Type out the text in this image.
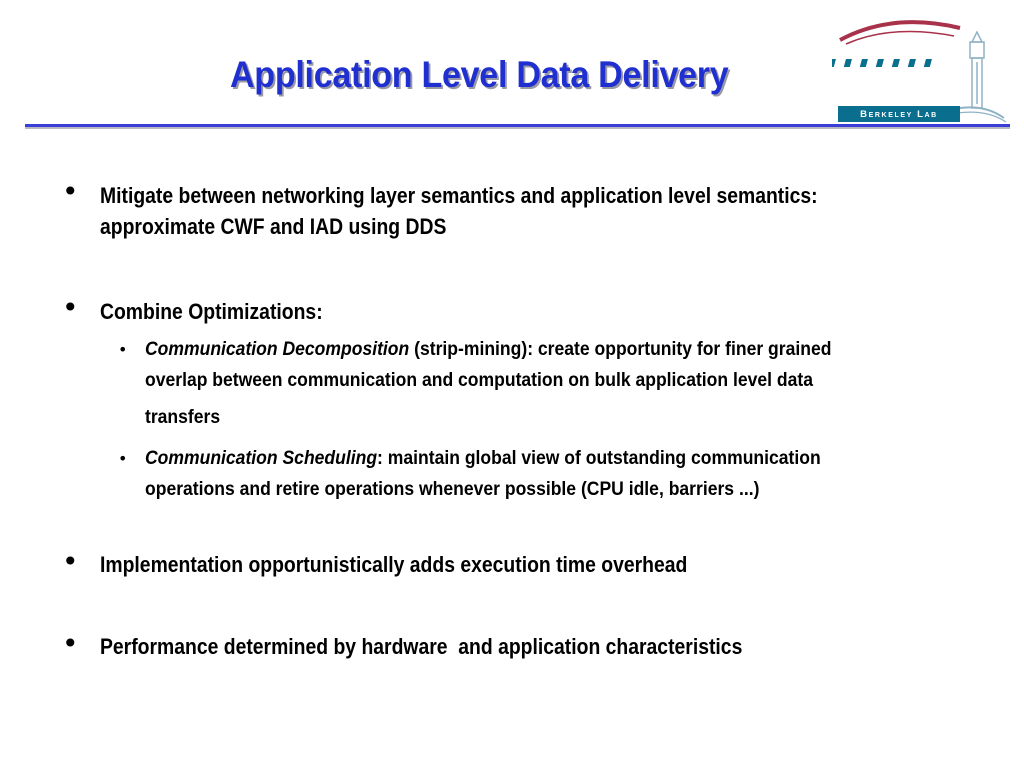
Application Level Data Delivery
Berkeley Lab
• Mitigate between networking layer semantics and application level semantics:
approximate CWF and IAD using DDS
• Combine Optimizations:
• Communication Decomposition (strip-mining): create opportunity for finer grained
overlap between communication and computation on bulk application level data
transfers
• Communication Scheduling: maintain global view of outstanding communication
operations and retire operations whenever possible (CPU idle, barriers ...)
• Implementation opportunistically adds execution time overhead
• Performance determined by hardware  and application characteristics
